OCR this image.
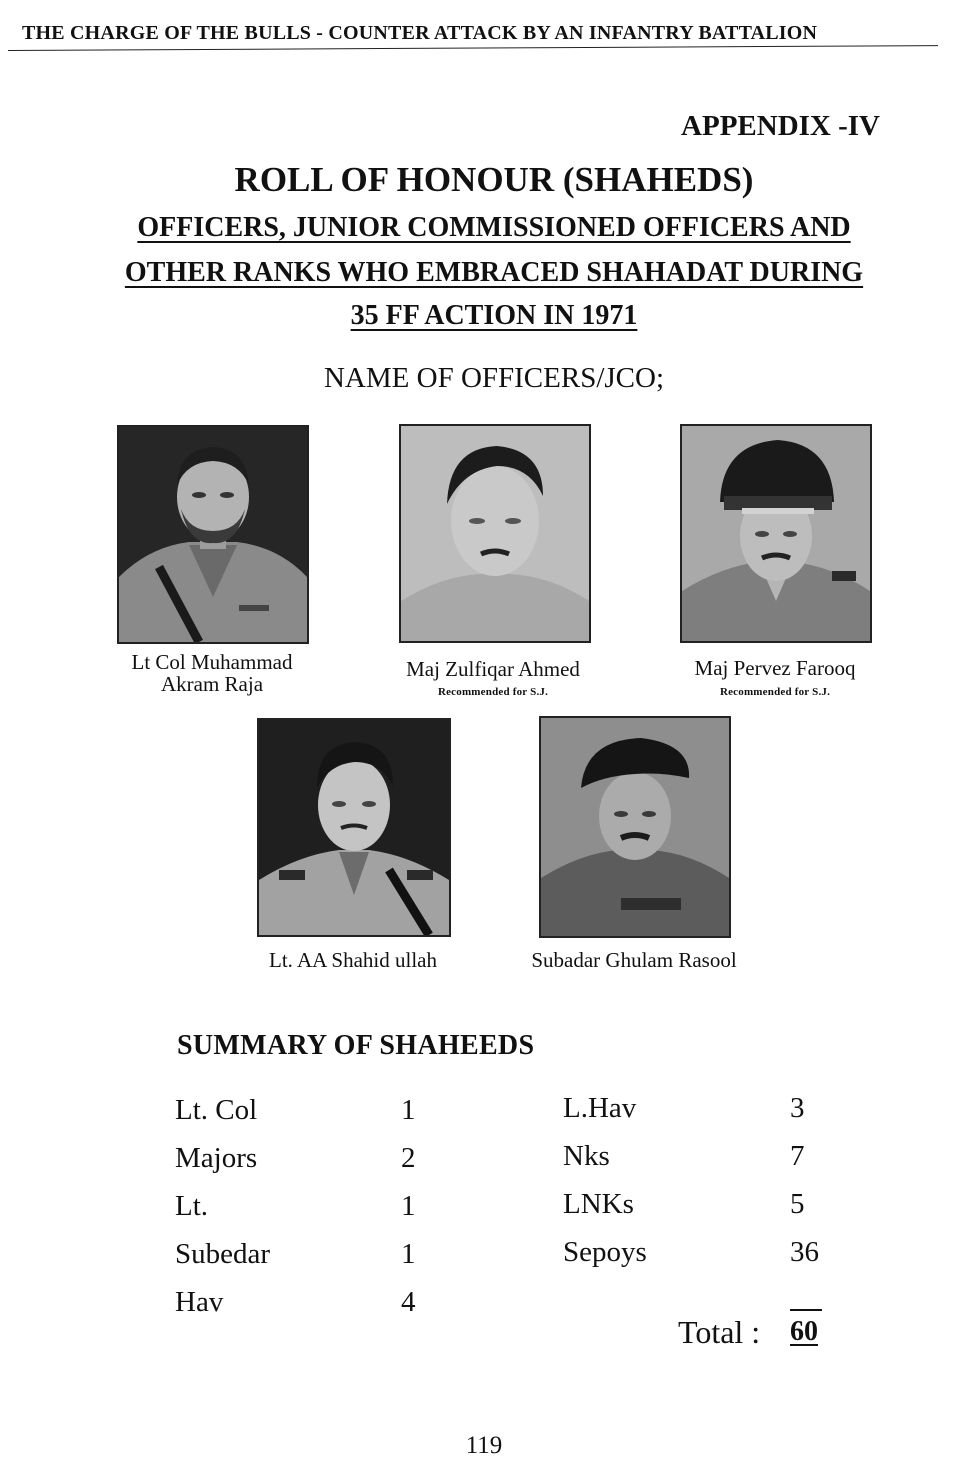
THE CHARGE OF THE BULLS - COUNTER ATTACK BY AN INFANTRY BATTALION
APPENDIX -IV
ROLL OF HONOUR (SHAHEDS)
OFFICERS, JUNIOR COMMISSIONED OFFICERS AND
OTHER RANKS WHO EMBRACED SHAHADAT DURING
35 FF ACTION IN 1971
NAME OF OFFICERS/JCO;
Lt Col Muhammad
Akram Raja
Maj Zulfiqar Ahmed
Recommended for S.J.
Maj Pervez Farooq
Recommended for S.J.
Lt. AA Shahid ullah	Subadar Ghulam Rasool
SUMMARY OF SHAHEEDS
Lt. Col	1
Majors	2
Lt.	1
Subedar	1
Hav	4
L.Hav	3
Nks	7
LNKs	5
Sepoys	36
Total : 60
119
